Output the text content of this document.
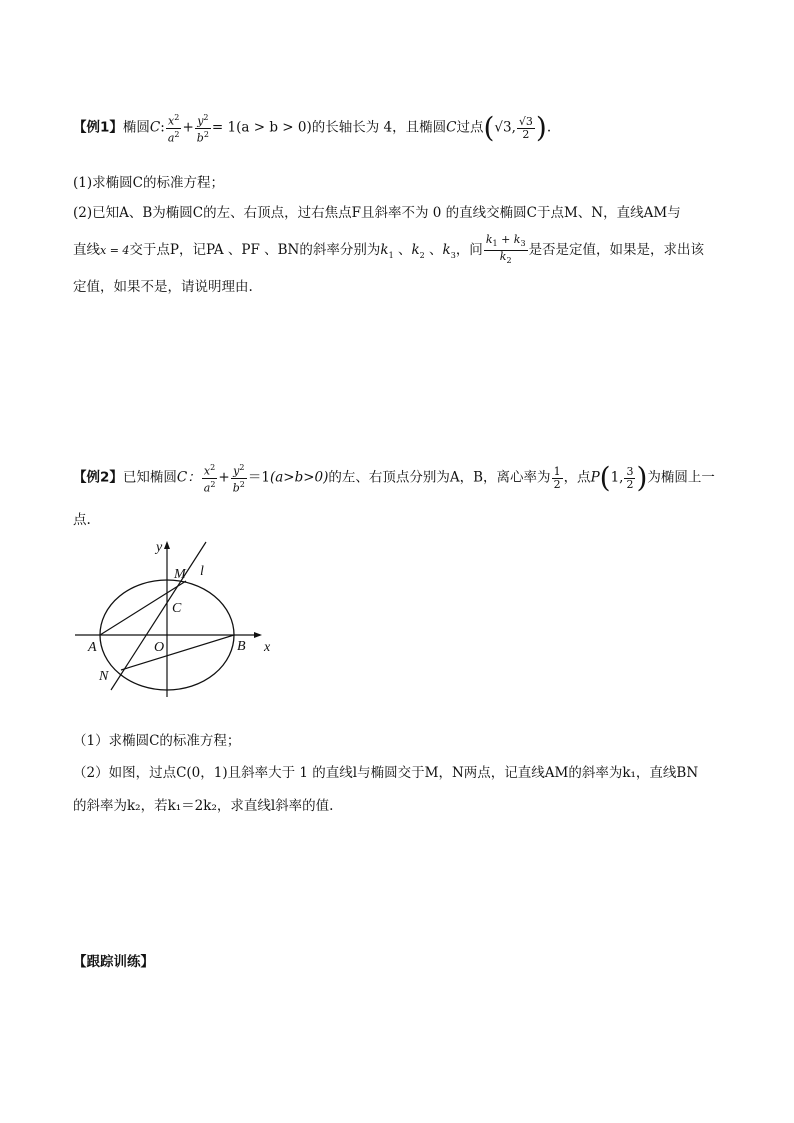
【例1】椭圆C: $\frac{x^2}{a^2} + \frac{y^2}{b^2} = 1(a > b > 0)$的长轴长为 4，且椭圆C过点(√3, $\frac{√3}{2}$ ).
(1)求椭圆C的标准方程；
(2)已知A、B为椭圆C的左、右顶点，过右焦点F且斜率不为 0 的直线交椭圆C于点M、N，直线AM与
直线x = 4交于点P，记PA 、PF 、BN的斜率分别为$k_1$ 、$k_2$ 、$k_3$，问 $\frac{k_1 + k_3}{k_2}$ 是否是定值，如果是，求出该
定值，如果不是，请说明理由.
【例2】已知椭圆C： $\frac{x^2}{a^2} + \frac{y^2}{b^2} =1(a>b>0)$的左、右顶点分别为A，B，离心率为 $\frac{1}{2}$ ，点P(1, $\frac{3}{2}$ )为椭圆上一
点.
y
x
M l
C
A	O	B
N
（1）求椭圆C的标准方程；
（2）如图，过点C(0，1)且斜率大于 1 的直线l与椭圆交于M，N两点，记直线AM的斜率为k₁，直线BN
的斜率为k₂，若k₁＝2k₂，求直线l斜率的值.
【跟踪训练】
